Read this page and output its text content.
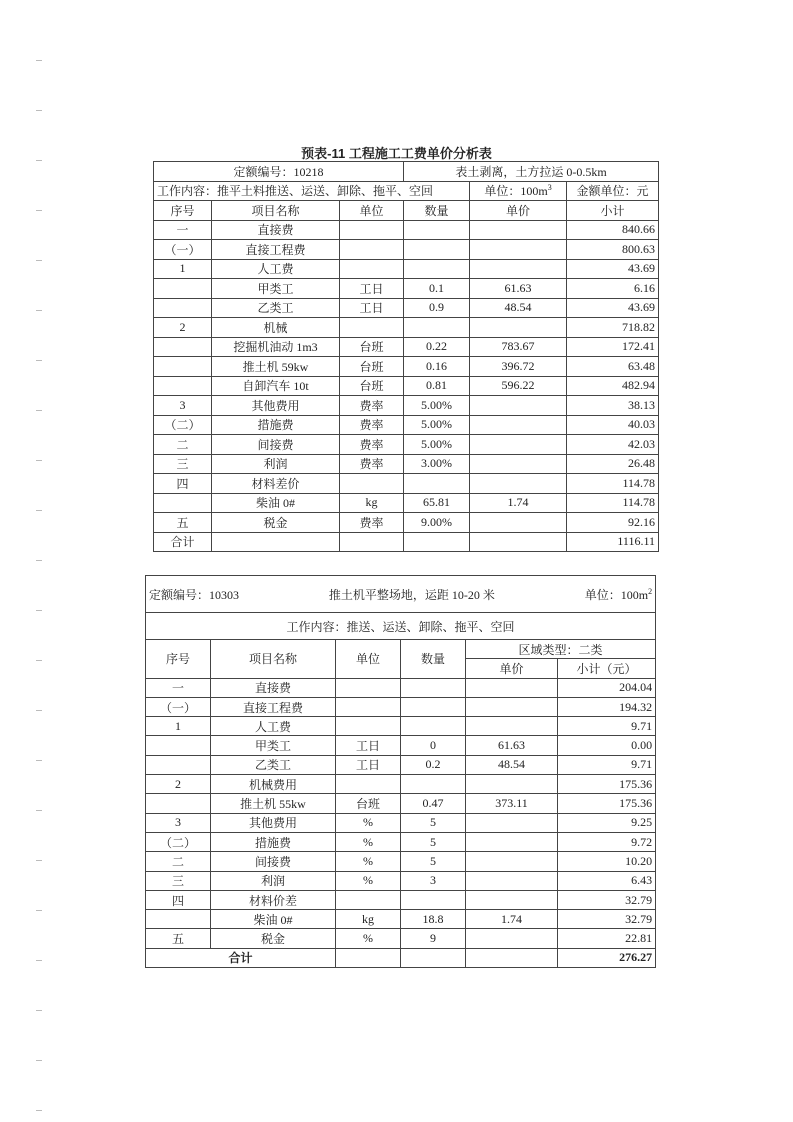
预表-11 工程施工工费单价分析表
定额编号：10218			表土剥离，土方拉运 0-0.5km		
工作内容：推平土料推送、运送、卸除、拖平、空回				单位：$100m^3$	金额单位：元
序号	项目名称	单位	数量	单价	小计
一	直接费				840.66
（一）	直接工程费				800.63
1	人工费				43.69
	甲类工	工日	0.1	61.63	6.16
	乙类工	工日	0.9	48.54	43.69
2	机械				718.82
	挖掘机油动 1m3	台班	0.22	783.67	172.41
	推土机 59kw	台班	0.16	396.72	63.48
	自卸汽车 10t	台班	0.81	596.22	482.94
3	其他费用	费率	5.00%		38.13
（二）	措施费	费率	5.00%		40.03
二	间接费	费率	5.00%		42.03
三	利润	费率	3.00%		26.48
四	材料差价				114.78
	柴油 0#	kg	65.81	1.74	114.78
五	税金	费率	9.00%		92.16
合计					1116.11
定额编号：10303 推土机平整场地，运距 10-20 米 单位：$100m^2$

工作内容：推送、运送、卸除、拖平、空回					
序号	项目名称	单位	数量	区域类型：二类	
				单价	小计（元）
一	直接费				204.04
（一）	直接工程费				194.32
1	人工费				9.71
	甲类工	工日	0	61.63	0.00
	乙类工	工日	0.2	48.54	9.71
2	机械费用				175.36
	推土机 55kw	台班	0.47	373.11	175.36
3	其他费用	%	5		9.25
（二）	措施费	%	5		9.72
二	间接费	%	5		10.20
三	利润	%	3		6.43
四	材料价差				32.79
	柴油 0#	kg	18.8	1.74	32.79
五	税金	%	9		22.81
合计					276.27
